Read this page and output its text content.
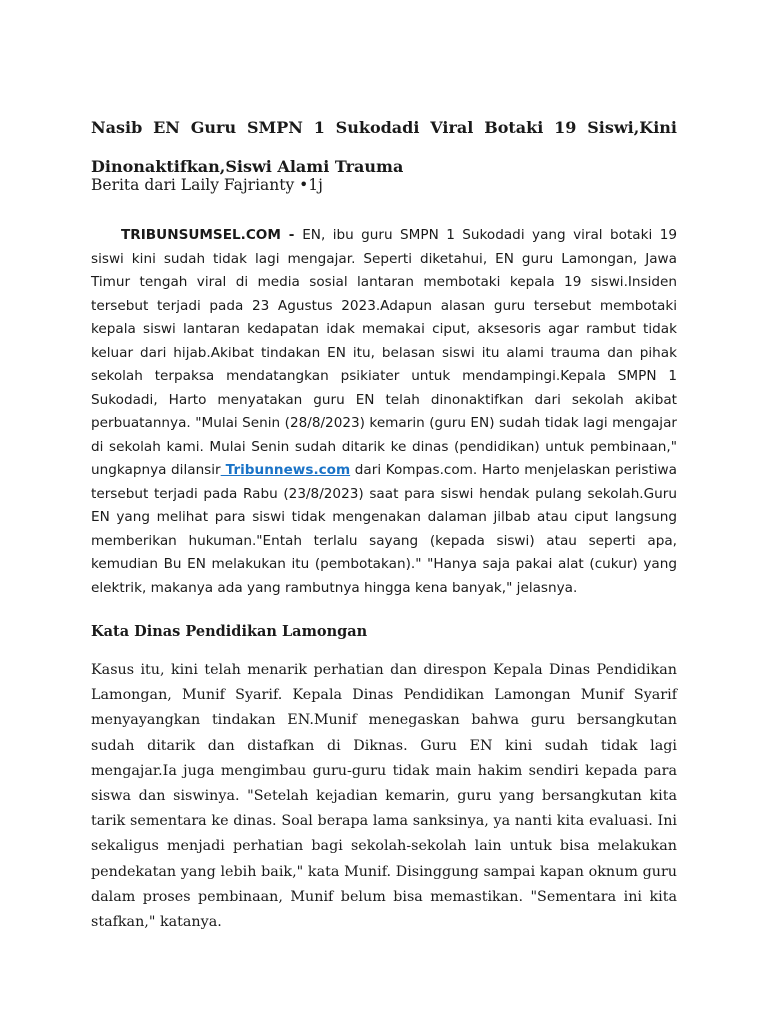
Nasib EN Guru SMPN 1 Sukodadi Viral Botaki 19 Siswi,Kini Dinonaktifkan,Siswi Alami Trauma

Berita dari Laily Fajrianty •1j

TRIBUNSUMSEL.COM - EN, ibu guru SMPN 1 Sukodadi yang viral botaki 19 siswi kini sudah tidak lagi mengajar. Seperti diketahui, EN guru Lamongan, Jawa Timur tengah viral di media sosial lantaran membotaki kepala 19 siswi.Insiden tersebut terjadi pada 23 Agustus 2023.Adapun alasan guru tersebut membotaki kepala siswi lantaran kedapatan idak memakai ciput, aksesoris agar rambut tidak keluar dari hijab.Akibat tindakan EN itu, belasan siswi itu alami trauma dan pihak sekolah terpaksa mendatangkan psikiater untuk mendampingi.Kepala SMPN 1 Sukodadi, Harto menyatakan guru EN telah dinonaktifkan dari sekolah akibat perbuatannya. "Mulai Senin (28/8/2023) kemarin (guru EN) sudah tidak lagi mengajar di sekolah kami. Mulai Senin sudah ditarik ke dinas (pendidikan) untuk pembinaan," ungkapnya dilansir Tribunnews.com dari Kompas.com. Harto menjelaskan peristiwa tersebut terjadi pada Rabu (23/8/2023) saat para siswi hendak pulang sekolah.Guru EN yang melihat para siswi tidak mengenakan dalaman jilbab atau ciput langsung memberikan hukuman."Entah terlalu sayang (kepada siswi) atau seperti apa, kemudian Bu EN melakukan itu (pembotakan)." "Hanya saja pakai alat (cukur) yang elektrik, makanya ada yang rambutnya hingga kena banyak," jelasnya.

Kata Dinas Pendidikan Lamongan

Kasus itu, kini telah menarik perhatian dan direspon Kepala Dinas Pendidikan Lamongan, Munif Syarif. Kepala Dinas Pendidikan Lamongan Munif Syarif menyayangkan tindakan EN.Munif menegaskan bahwa guru bersangkutan sudah ditarik dan distafkan di Diknas. Guru EN kini sudah tidak lagi mengajar.Ia juga mengimbau guru-guru tidak main hakim sendiri kepada para siswa dan siswinya. "Setelah kejadian kemarin, guru yang bersangkutan kita tarik sementara ke dinas. Soal berapa lama sanksinya, ya nanti kita evaluasi. Ini sekaligus menjadi perhatian bagi sekolah-sekolah lain untuk bisa melakukan pendekatan yang lebih baik," kata Munif. Disinggung sampai kapan oknum guru dalam proses pembinaan, Munif belum bisa memastikan. "Sementara ini kita stafkan," katanya.
